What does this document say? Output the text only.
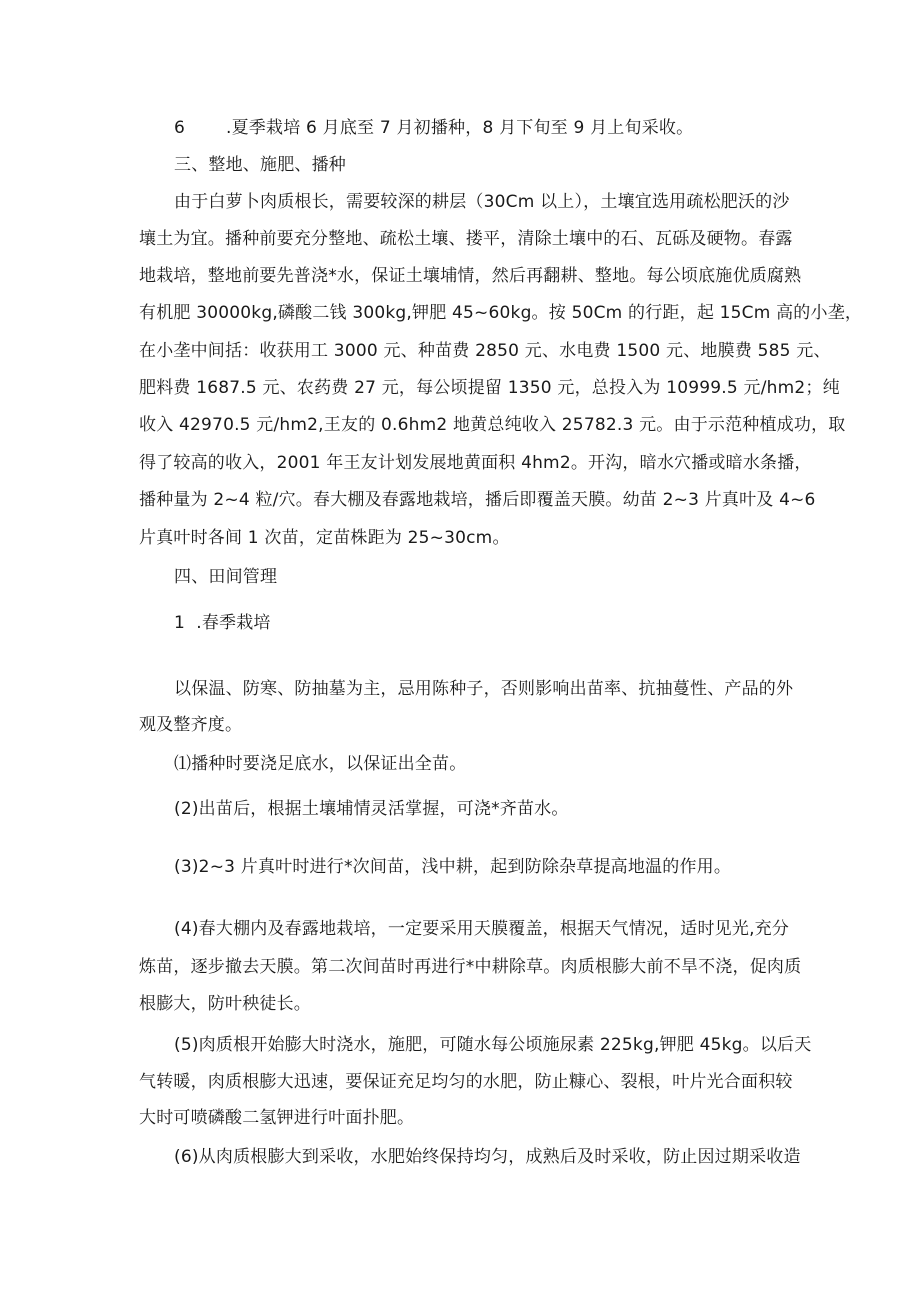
6 .夏季栽培 6 月底至 7 月初播种，8 月下旬至 9 月上旬采收。
三、整地、施肥、播种
由于白萝卜肉质根长，需要较深的耕层（30Cm 以上），土壤宜选用疏松肥沃的沙
壤土为宜。播种前要充分整地、疏松土壤、搂平，清除土壤中的石、瓦砾及硬物。春露
地栽培，整地前要先普浇*水，保证土壤埔情，然后再翻耕、整地。每公顷底施优质腐熟
有机肥 30000kg,磷酸二钱 300kg,钾肥 45~60kg。按 50Cm 的行距，起 15Cm 高的小垄，
在小垄中间括：收获用工 3000 元、种苗费 2850 元、水电费 1500 元、地膜费 585 元、
肥料费 1687.5 元、农药费 27 元，每公顷提留 1350 元，总投入为 10999.5 元/hm2；纯
收入 42970.5 元/hm2,王友的 0.6hm2 地黄总纯收入 25782.3 元。由于示范种植成功，取
得了较高的收入，2001 年王友计划发展地黄面积 4hm2。开沟，暗水穴播或暗水条播，
播种量为 2~4 粒/穴。春大棚及春露地栽培，播后即覆盖天膜。幼苗 2~3 片真叶及 4~6
片真叶时各间 1 次苗，定苗株距为 25~30cm。
四、田间管理
1  .春季栽培
以保温、防寒、防抽墓为主，忌用陈种子，否则影响出苗率、抗抽蔓性、产品的外
观及整齐度。
⑴播种时要浇足底水，以保证出全苗。
(2)出苗后，根据土壤埔情灵活掌握，可浇*齐苗水。
(3)2~3 片真叶时进行*次间苗，浅中耕，起到防除杂草提高地温的作用。
(4)春大棚内及春露地栽培，一定要采用天膜覆盖，根据天气情况，适时见光,充分
炼苗，逐步撤去天膜。第二次间苗时再进行*中耕除草。肉质根膨大前不旱不浇，促肉质
根膨大，防叶秧徒长。
(5)肉质根开始膨大时浇水，施肥，可随水每公顷施尿素 225kg,钾肥 45kg。以后天
气转暖，肉质根膨大迅速，要保证充足均匀的水肥，防止糠心、裂根，叶片光合面积较
大时可喷磷酸二氢钾进行叶面扑肥。
(6)从肉质根膨大到采收，水肥始终保持均匀，成熟后及时采收，防止因过期采收造
